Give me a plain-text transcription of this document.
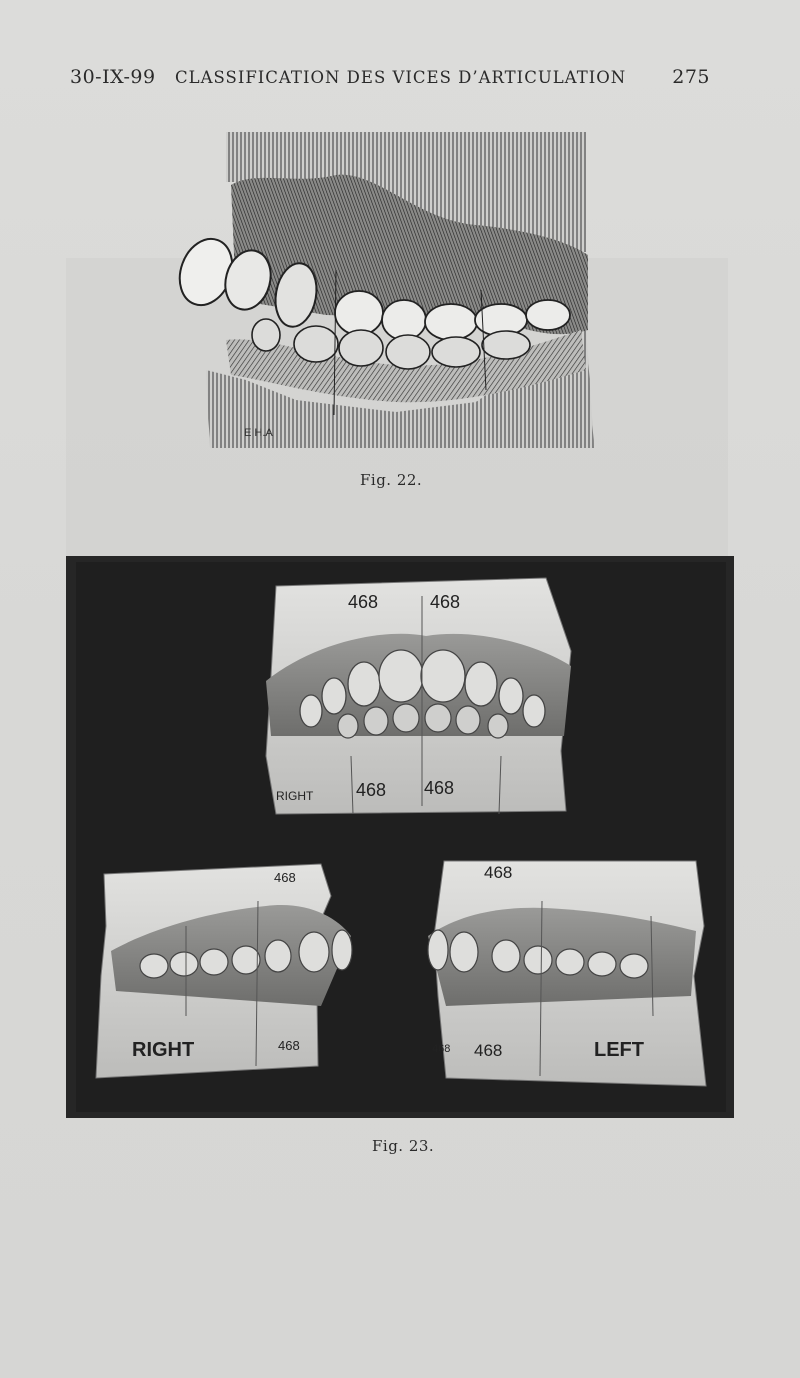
30-IX-99 CLASSIFICATION DES VICES D’ARTICULATION 275
E H.A
Fig. 22.
468	468
RIGHT 468 468
RIGHT
468
468	LEFT
468
468 468
Fig. 23.
